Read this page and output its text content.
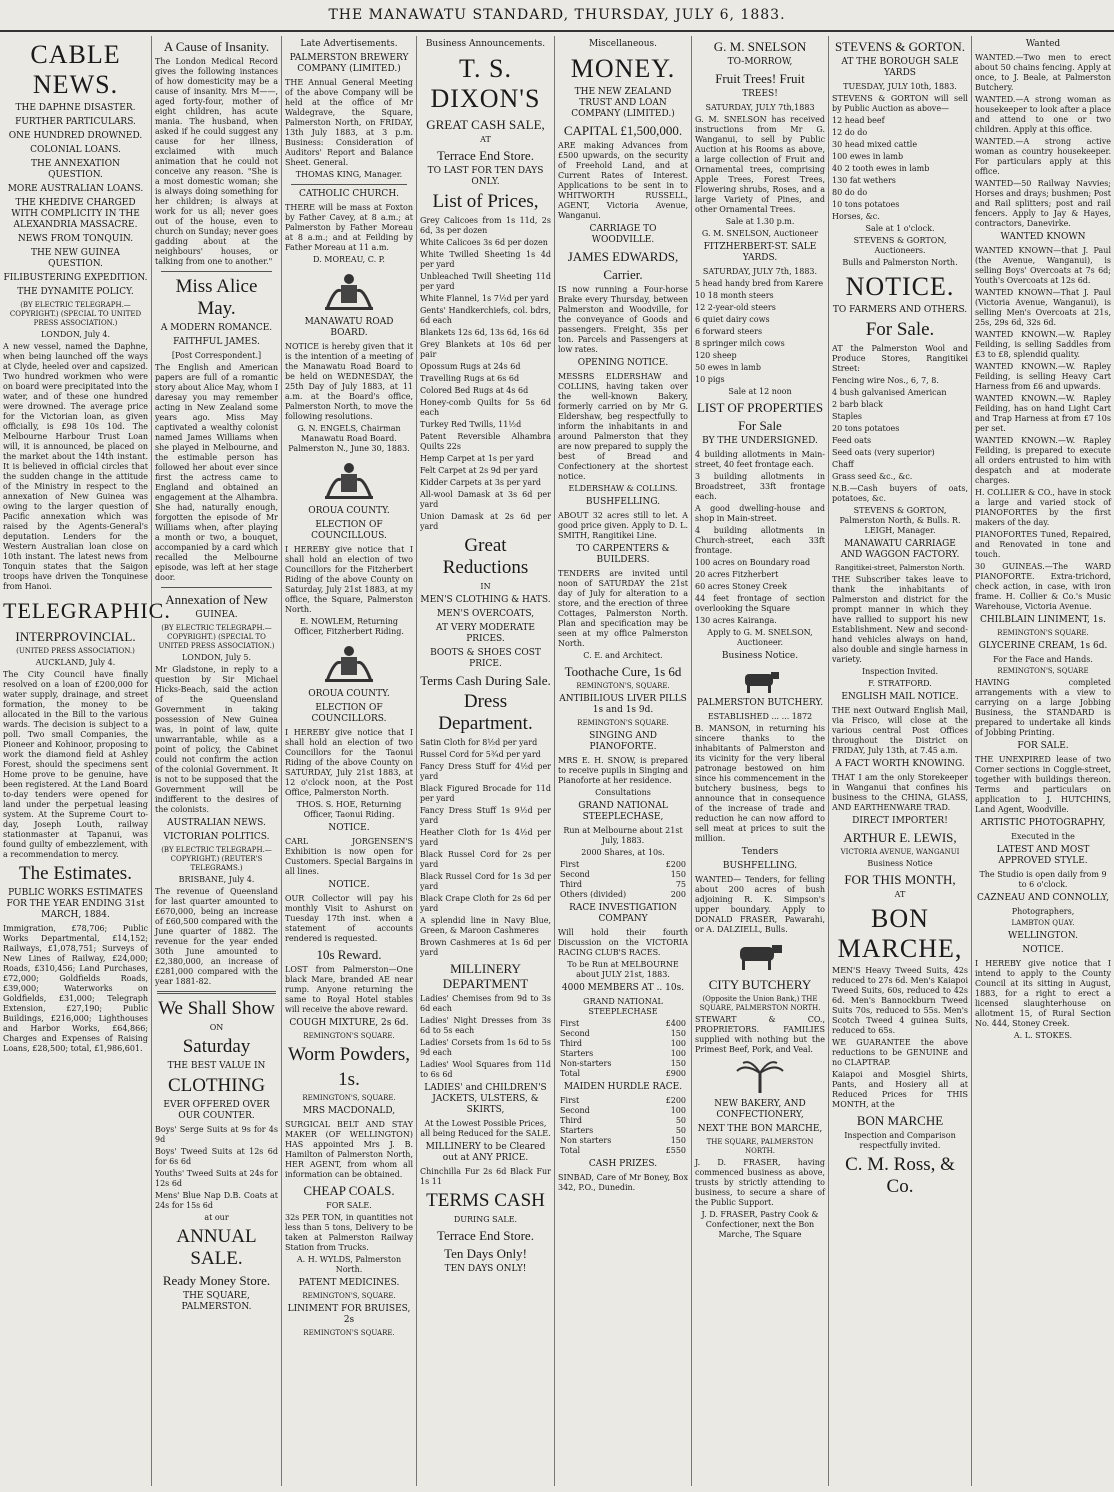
THE MANAWATU STANDARD, THURSDAY, JULY 6, 1883.
CABLE NEWS.
THE DAPHNE DISASTER.
FURTHER PARTICULARS.
ONE HUNDRED DROWNED.
COLONIAL LOANS.
THE ANNEXATION QUESTION.
MORE AUSTRALIAN LOANS.
THE KHEDIVE CHARGED WITH COMPLICITY IN THE ALEXANDRIA MASSACRE.
NEWS FROM TONQUIN.
THE NEW GUINEA QUESTION.
FILIBUSTERING EXPEDITION.
THE DYNAMITE POLICY.
(BY ELECTRIC TELEGRAPH.—COPYRIGHT.) (SPECIAL TO UNITED PRESS ASSOCIATION.)
LONDON, July 4.
A new vessel, named the Daphne, when being launched off the ways at Clyde, heeled over and capsized. Two hundred workmen who were on board were precipitated into the water, and of these one hundred were drowned. The average price for the Victorian loan, as given officially, is £98 10s 10d. The Melbourne Harbour Trust Loan will, it is announced, be placed on the market about the 14th instant. It is believed in official circles that the sudden change in the attitude of the Ministry in respect to the annexation of New Guinea was owing to the larger question of Pacific annexation which was raised by the Agents-General's deputation. Lenders for the Western Australian loan close on 10th instant. The latest news from Tonquin states that the Saigon troops have driven the Tonquinese from Hanoi.
TELEGRAPHIC.
INTERPROVINCIAL.
(UNITED PRESS ASSOCIATION.)
AUCKLAND, July 4.
The City Council have finally resolved on a loan of £200,000 for water supply, drainage, and street formation, the money to be allocated in the Bill to the various wards. The decision is subject to a poll. Two small Companies, the Pioneer and Kohinoor, proposing to work the diamond field at Ashley Forest, should the specimens sent Home prove to be genuine, have been registered. At the Land Board to-day tenders were opened for land under the perpetual leasing system. At the Supreme Court to-day, Joseph Louth, railway stationmaster at Tapanui, was found guilty of embezzlement, with a recommendation to mercy.
The Estimates.
PUBLIC WORKS ESTIMATES FOR THE YEAR ENDING 31st MARCH, 1884.
Immigration, £78,706; Public Works Departmental, £14,152; Railways, £1,078,751; Surveys of New Lines of Railway, £24,000; Roads, £310,456; Land Purchases, £72,000; Goldfields Roads, £39,000; Waterworks on Goldfields, £31,000; Telegraph Extension, £27,190; Public Buildings, £216,000; Lighthouses and Harbor Works, £64,866; Charges and Expenses of Raising Loans, £28,500; total, £1,986,601.
A Cause of Insanity.
The London Medical Record gives the following instances of how domesticity may be a cause of insanity. Mrs M——, aged forty-four, mother of eight children, has acute mania. The husband, when asked if he could suggest any cause for her illness, exclaimed with much animation that he could not conceive any reason. "She is a most domestic woman; she is always doing something for her children; is always at work for us all; never goes out of the house, even to church on Sunday; never goes gadding about at the neighbours' houses, or talking from one to another."
Miss Alice May.
A MODERN ROMANCE.
FAITHFUL JAMES.
[Post Correspondent.]
The English and American papers are full of a romantic story about Alice May, whom I daresay you may remember acting in New Zealand some years ago. Miss May captivated a wealthy colonist named James Williams when she played in Melbourne, and the estimable person has followed her about ever since first the actress came to England and obtained an engagement at the Alhambra. She had, naturally enough, forgotten the episode of Mr Williams when, after playing a month or two, a bouquet, accompanied by a card which recalled the Melbourne episode, was left at her stage door.
Annexation of New
GUINEA.
(BY ELECTRIC TELEGRAPH.—COPYRIGHT.) (SPECIAL TO UNITED PRESS ASSOCIATION.)
LONDON, July 5.
Mr Gladstone, in reply to a question by Sir Michael Hicks-Beach, said the action of the Queensland Government in taking possession of New Guinea was, in point of law, quite unwarrantable, while as a point of policy, the Cabinet could not confirm the action of the colonial Government. It is not to be supposed that the Government will be indifferent to the desires of the colonists.
AUSTRALIAN NEWS.
VICTORIAN POLITICS.
(BY ELECTRIC TELEGRAPH.—COPYRIGHT.) (REUTER'S TELEGRAMS.)
BRISBANE, July 4.
The revenue of Queensland for last quarter amounted to £670,000, being an increase of £60,500 compared with the June quarter of 1882. The revenue for the year ended 30th June amounted to £2,380,000, an increase of £281,000 compared with the year 1881-82.
We Shall Show
ON
Saturday
THE BEST VALUE IN
CLOTHING
EVER OFFERED OVER OUR COUNTER.
Boys' Serge Suits at 9s for 4s 9d
Boys' Tweed Suits at 12s 6d for 6s 6d
Youths' Tweed Suits at 24s for 12s 6d
Mens' Blue Nap D.B. Coats at 24s for 15s 6d
at our
ANNUAL SALE.
Ready Money Store.
THE SQUARE, PALMERSTON.
Late Advertisements.
PALMERSTON BREWERY COMPANY (LIMITED.)
THE Annual General Meeting of the above Company will be held at the office of Mr Waldegrave, the Square, Palmerston North, on FRIDAY, 13th July 1883, at 3 p.m. Business: Consideration of Auditors' Report and Balance Sheet. General.
THOMAS KING, Manager.
CATHOLIC CHURCH.
THERE will be mass at Foxton by Father Cavey, at 8 a.m.; at Palmerston by Father Moreau at 8 a.m.; and at Feilding by Father Moreau at 11 a.m.
D. MOREAU, C. P.
MANAWATU ROAD BOARD.
NOTICE is hereby given that it is the intention of a meeting of the Manawatu Road Board to be held on WEDNESDAY, the 25th Day of July 1883, at 11 a.m. at the Board's office, Palmerston North, to move the following resolutions.
G. N. ENGELS, Chairman Manawatu Road Board. Palmerston N., June 30, 1883.
OROUA COUNTY.
ELECTION OF COUNCILLOUS.
I HEREBY give notice that I shall hold an election of two Councillors for the Fitzherbert Riding of the above County on Saturday, July 21st 1883, at my office, the Square, Palmerston North.
E. NOWLEM, Returning Officer, Fitzherbert Riding.
OROUA COUNTY.
ELECTION OF COUNCILLORS.
I HEREBY give notice that I shall hold an election of two Councillors for the Taonui Riding of the above County on SATURDAY, July 21st 1883, at 12 o'clock noon, at the Post Office, Palmerston North.
THOS. S. HOE, Returning Officer, Taonui Riding.
NOTICE.
CARL JORGENSEN'S Exhibition is now open for Customers. Special Bargains in all lines.
NOTICE.
OUR Collector will pay his monthly Visit to Ashurst on Tuesday 17th inst. when a statement of accounts rendered is requested.
10s Reward.
LOST from Palmerston—One black Mare, branded AE near rump. Anyone returning the same to Royal Hotel stables will receive the above reward.
COUGH MIXTURE, 2s 6d.
REMINGTON'S SQUARE.
Worm Powders,
1s.
REMINGTON'S, SQUARE.
MRS MACDONALD,
SURGICAL BELT AND STAY MAKER (OF WELLINGTON) HAS appointed Mrs J. B. Hamilton of Palmerston North, HER AGENT, from whom all information can be obtained.
CHEAP COALS.
FOR SALE.
32s PER TON, in quantities not less than 5 tons, Delivery to be taken at Palmerston Railway Station from Trucks.
A. H. WYLDS, Palmerston North.
PATENT MEDICINES.
REMINGTON'S, SQUARE.
LINIMENT FOR BRUISES, 2s
REMINGTON'S SQUARE.
Business Announcements.
T. S. DIXON'S
GREAT CASH SALE,
AT
Terrace End Store.
TO LAST FOR TEN DAYS ONLY.
List of Prices,
Grey Calicoes from 1s 11d, 2s 6d, 3s per dozen
White Calicoes 3s 6d per dozen
White Twilled Sheeting 1s 4d per yard
Unbleached Twill Sheeting 11d per yard
White Flannel, 1s 7½d per yard
Gents' Handkerchiefs, col. bdrs, 6d each
Blankets 12s 6d, 13s 6d, 16s 6d
Grey Blankets at 10s 6d per pair
Opossum Rugs at 24s 6d
Travelling Rugs at 6s 6d
Colored Bed Rugs at 4s 6d
Honey-comb Quilts for 5s 6d each
Turkey Red Twills, 11½d
Patent Reversible Alhambra Quilts 22s
Hemp Carpet at 1s per yard
Felt Carpet at 2s 9d per yard
Kidder Carpets at 3s per yard
All-wool Damask at 3s 6d per yard
Union Damask at 2s 6d per yard
Great Reductions
IN
MEN'S CLOTHING & HATS.
MEN'S OVERCOATS,
AT VERY MODERATE PRICES.
BOOTS & SHOES COST PRICE.
Terms Cash During Sale.
Dress Department.
Satin Cloth for 8½d per yard
Russel Cord for 5¾d per yard
Fancy Dress Stuff for 4½d per yard
Black Figured Brocade for 11d per yard
Fancy Dress Stuff 1s 9½d per yard
Heather Cloth for 1s 4½d per yard
Black Russel Cord for 2s per yard
Black Russel Cord for 1s 3d per yard
Black Crape Cloth for 2s 6d per yard
A splendid line in Navy Blue, Green, & Maroon Cashmeres
Brown Cashmeres at 1s 6d per yard
MILLINERY DEPARTMENT
Ladies' Chemises from 9d to 3s 6d each
Ladies' Night Dresses from 3s 6d to 5s each
Ladies' Corsets from 1s 6d to 5s 9d each
Ladies' Wool Squares from 11d to 6s 6d
LADIES' and CHILDREN'S JACKETS, ULSTERS, & SKIRTS,
At the Lowest Possible Prices, all being Reduced for the SALE.
MILLINERY to be Cleared out at ANY PRICE.
Chinchilla Fur 2s 6d Black Fur 1s 11
TERMS CASH
DURING SALE.
Terrace End Store.
Ten Days Only!
TEN DAYS ONLY!
Miscellaneous.
MONEY.
THE NEW ZEALAND TRUST AND LOAN COMPANY (LIMITED.)
CAPITAL £1,500,000.
ARE making Advances from £500 upwards, on the security of Freehold Land, and at Current Rates of Interest. Applications to be sent in to WHITWORTH RUSSELL, AGENT, Victoria Avenue, Wanganui.
CARRIAGE TO WOODVILLE.
JAMES EDWARDS,
Carrier.
IS now running a Four-horse Brake every Thursday, between Palmerston and Woodville, for the conveyance of Goods and passengers. Freight, 35s per ton. Parcels and Passengers at low rates.
OPENING NOTICE.
MESSRS ELDERSHAW and COLLINS, having taken over the well-known Bakery, formerly carried on by Mr G. Eldershaw, beg respectfully to inform the inhabitants in and around Palmerston that they are now prepared to supply the best of Bread and Confectionery at the shortest notice.
ELDERSHAW & COLLINS.
BUSHFELLING.
ABOUT 32 acres still to let. A good price given. Apply to D. L. SMITH, Rangitikei Line.
TO CARPENTERS & BUILDERS.
TENDERS are invited until noon of SATURDAY the 21st day of July for alteration to a store, and the erection of three Cottages, Palmerston North. Plan and specification may be seen at my office Palmerston North.
C. E. and Architect.
Toothache Cure, 1s 6d
REMINGTON'S, SQUARE.
ANTIBILIOUS LIVER PILLS 1s and 1s 9d.
REMINGTON'S SQUARE.
SINGING AND PIANOFORTE.
MRS E. H. SNOW, is prepared to receive pupils in Singing and Pianoforte at her residence.
Consultations
GRAND NATIONAL STEEPLECHASE,
Run at Melbourne about 21st July, 1883.
2000 Shares, at 10s.
First	£200
Second	150
Third	75
Others (divided)	200
RACE INVESTIGATION COMPANY
Will hold their fourth Discussion on the VICTORIA RACING CLUB'S RACES.
To be Run at MELBOURNE about JULY 21st, 1883.
4000 MEMBERS AT .. 10s.
GRAND NATIONAL STEEPLECHASE
First	£400
Second	150
Third	100
Starters	100
Non-starters	150
Total	£900
MAIDEN HURDLE RACE.
First	£200
Second	100
Third	50
Starters	50
Non starters	150
Total	£550
CASH PRIZES.
SINBAD, Care of Mr Boney, Box 342, P.O., Dunedin.
G. M. SNELSON
TO-MORROW,
Fruit Trees! Fruit
TREES!
SATURDAY, JULY 7th,1883
G. M. SNELSON has received instructions from Mr G. Wanganui, to sell by Public Auction at his Rooms as above, a large collection of Fruit and Ornamental trees, comprising Apple Trees, Forest Trees, Flowering shrubs, Roses, and a large Variety of Pines, and other Ornamental Trees.
Sale at 1.30 p.m.
G. M. SNELSON, Auctioneer
FITZHERBERT-ST. SALE YARDS.
SATURDAY, JULY 7th, 1883.
5 head handy bred from Karere
10 18 month steers
12 2-year-old steers
6 quiet dairy cows
6 forward steers
8 springer milch cows
120 sheep
50 ewes in lamb
10 pigs
Sale at 12 noon
LIST OF PROPERTIES
For Sale
BY THE UNDERSIGNED.
4 building allotments in Main-street, 40 feet frontage each.
3 building allotments in Broadstreet, 33ft frontage each.
A good dwelling-house and shop in Main-street.
4 building allotments in Church-street, each 33ft frontage.
100 acres on Boundary road
20 acres Fitzherbert
60 acres Stoney Creek
44 feet frontage of section overlooking the Square
130 acres Kairanga.
Apply to G. M. SNELSON, Auctioneer.
Business Notice.
PALMERSTON BUTCHERY.
ESTABLISHED ... ... 1872
B. MANSON, in returning his sincere thanks to the inhabitants of Palmerston and its vicinity for the very liberal patronage bestowed on him since his commencement in the butchery business, begs to announce that in consequence of the increase of trade and reduction he can now afford to sell meat at prices to suit the million.
Tenders
BUSHFELLING.
WANTED— Tenders, for felling about 200 acres of bush adjoining R. K. Simpson's upper boundary. Apply to DONALD FRASER, Pawarahi, or A. DALZIELL, Bulls.
CITY BUTCHERY
(Opposite the Union Bank,) THE SQUARE, PALMERSTON NORTH.
STEWART & CO., PROPRIETORS. FAMILIES supplied with nothing but the Primest Beef, Pork, and Veal.
NEW BAKERY, AND CONFECTIONERY,
NEXT THE BON MARCHE,
THE SQUARE, PALMERSTON NORTH.
J. D. FRASER, having commenced business as above, trusts by strictly attending to business, to secure a share of the Public Support.
J. D. FRASER, Pastry Cook & Confectioner, next the Bon Marche, The Square
STEVENS & GORTON.
AT THE BOROUGH SALE YARDS
TUESDAY, JULY 10th, 1883.
STEVENS & GORTON will sell by Public Auction as above—
12 head beef
12 do do
30 head mixed cattle
100 ewes in lamb
40 2 tooth ewes in lamb
130 fat wethers
80 do do
10 tons potatoes
Horses, &c.
Sale at 1 o'clock.
STEVENS & GORTON, Auctioneers.
Bulls and Palmerston North.
NOTICE.
TO FARMERS AND OTHERS.
For Sale.
AT the Palmerston Wool and Produce Stores, Rangitikei Street:
Fencing wire Nos., 6, 7, 8.
4 bush galvanised American
2 barb black
Staples
20 tons potatoes
Feed oats
Seed oats (very superior)
Chaff
Grass seed &c., &c.
N.B.—Cash buyers of oats, potatoes, &c.
STEVENS & GORTON, Palmerston North, & Bulls. R. LEIGH, Manager.
MANAWATU CARRIAGE AND WAGGON FACTORY.
Rangitikei-street, Palmerston North.
THE Subscriber takes leave to thank the inhabitants of Palmerston and district for the prompt manner in which they have rallied to support his new Establishment. New and second-hand vehicles always on hand, also double and single harness in variety.
Inspection Invited.
F. STRATFORD.
ENGLISH MAIL NOTICE.
THE next Outward English Mail, via Frisco, will close at the various central Post Offices throughout the District on FRIDAY, July 13th, at 7.45 a.m.
A FACT WORTH KNOWING.
THAT I am the only Storekeeper in Wanganui that confines his business to the CHINA, GLASS, AND EARTHENWARE TRAD.
DIRECT IMPORTER!
ARTHUR E. LEWIS,
VICTORIA AVENUE, WANGANUI
Business Notice
FOR THIS MONTH,
AT
BON MARCHE,
MEN'S Heavy Tweed Suits, 42s reduced to 27s 6d. Men's Kaiapoi Tweed Suits, 60s, reduced to 42s 6d. Men's Bannockburn Tweed Suits 70s, reduced to 55s. Men's Scotch Tweed 4 guinea Suits, reduced to 65s.
WE GUARANTEE the above reductions to be GENUINE and no CLAPTRAP.
Kaiapoi and Mosgiel Shirts, Pants, and Hosiery all at Reduced Prices for THIS MONTH, at the
BON MARCHE
Inspection and Comparison respectfully invited.
C. M. Ross, & Co.
Wanted
WANTED.—Two men to erect about 50 chains fencing. Apply at once, to J. Beale, at Palmerston Butchery.
WANTED.—A strong woman as housekeeper to look after a place and attend to one or two children. Apply at this office.
WANTED.—A strong active woman as country housekeeper. For particulars apply at this office.
WANTED—50 Railway Navvies; Horses and drays; bushmen; Post and Rail splitters; post and rail fencers. Apply to Jay & Hayes, contractors, Danevirke.
WANTED KNOWN
WANTED KNOWN—that J. Paul (the Avenue, Wanganui), is selling Boys' Overcoats at 7s 6d; Youth's Overcoats at 12s 6d.
WANTED KNOWN—That J. Paul (Victoria Avenue, Wanganui), is selling Men's Overcoats at 21s, 25s, 29s 6d, 32s 6d.
WANTED KNOWN.—W. Rapley Feilding, is selling Saddles from £3 to £8, splendid quality.
WANTED KNOWN.—W. Rapley Feilding, is selling Heavy Cart Harness from £6 and upwards.
WANTED KNOWN.—W. Rapley Feilding, has on hand Light Cart and Trap Harness at from £7 10s per set.
WANTED KNOWN.—W. Rapley Feilding, is prepared to execute all orders entrusted to him with despatch and at moderate charges.
H. COLLIER & CO., have in stock a large and varied stock of PIANOFORTES by the first makers of the day.
PIANOFORTES Tuned, Repaired, and Renovated in tone and touch.
30 GUINEAS.—The WARD PIANOFORTE. Extra-trichord, check action, in case, with iron frame. H. Collier & Co.'s Music Warehouse, Victoria Avenue.
CHILBLAIN LINIMENT, 1s.
REMINGTON'S SQUARE.
GLYCERINE CREAM, 1s 6d.
For the Face and Hands.
REMINGTON'S, SQUARE
HAVING completed arrangements with a view to carrying on a large Jobbing Business, the STANDARD is prepared to undertake all kinds of Jobbing Printing.
FOR SALE.
THE UNEXPIRED lease of two Corner sections in Coggle-street, together with buildings thereon. Terms and particulars on application to J. HUTCHINS, Land Agent, Woodville.
ARTISTIC PHOTOGRAPHY,
Executed in the
LATEST AND MOST APPROVED STYLE.
The Studio is open daily from 9 to 6 o'clock.
CAZNEAU AND CONNOLLY,
Photographers,
LAMBTON QUAY.
WELLINGTON.
NOTICE.
I HEREBY give notice that I intend to apply to the County Council at its sitting in August, 1883, for a right to erect a licensed slaughterhouse on allotment 15, of Rural Section No. 444, Stoney Creek.
A. L. STOKES.
